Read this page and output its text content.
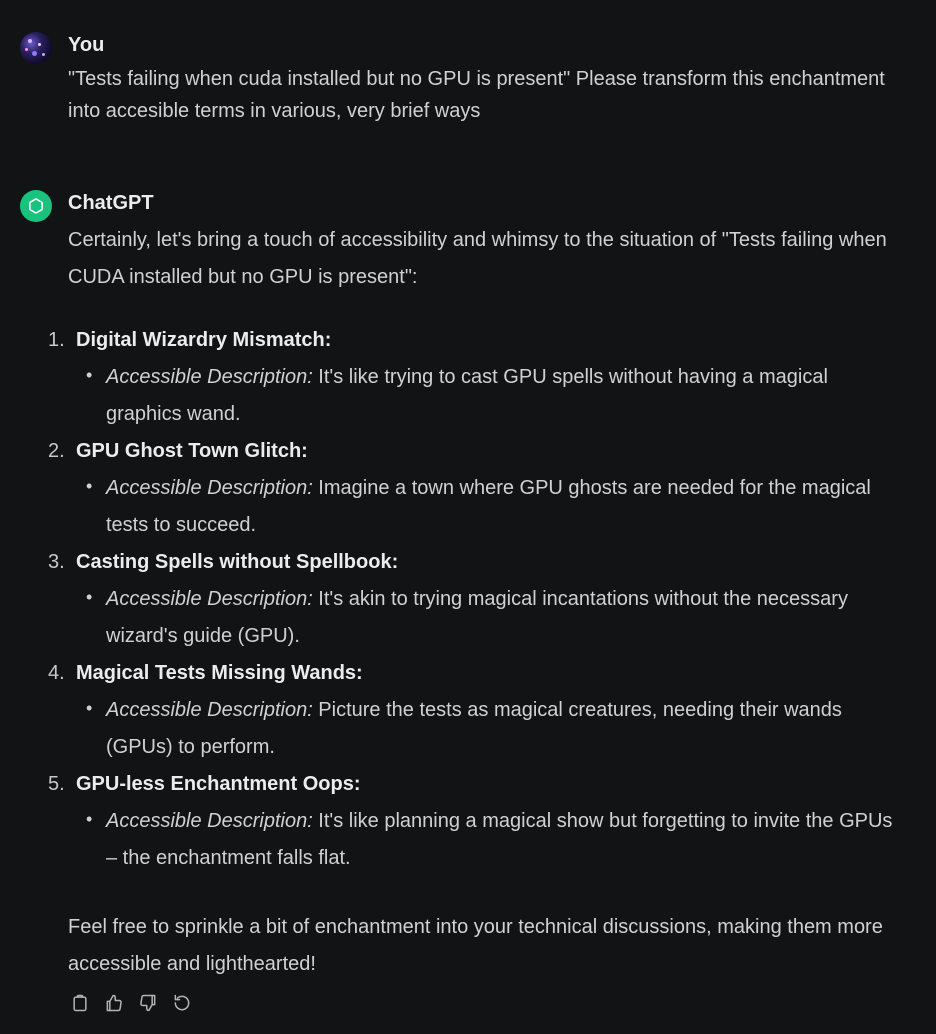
You

"Tests failing when cuda installed but no GPU is present" Please transform this enchantment into accesible terms in various, very brief ways

ChatGPT

Certainly, let's bring a touch of accessibility and whimsy to the situation of "Tests failing when CUDA installed but no GPU is present":

1. Digital Wizardry Mismatch:
• Accessible Description: It's like trying to cast GPU spells without having a magical graphics wand.
2. GPU Ghost Town Glitch:
• Accessible Description: Imagine a town where GPU ghosts are needed for the magical tests to succeed.
3. Casting Spells without Spellbook:
• Accessible Description: It's akin to trying magical incantations without the necessary wizard's guide (GPU).
4. Magical Tests Missing Wands:
• Accessible Description: Picture the tests as magical creatures, needing their wands (GPUs) to perform.
5. GPU-less Enchantment Oops:
• Accessible Description: It's like planning a magical show but forgetting to invite the GPUs – the enchantment falls flat.

Feel free to sprinkle a bit of enchantment into your technical discussions, making them more accessible and lighthearted!
